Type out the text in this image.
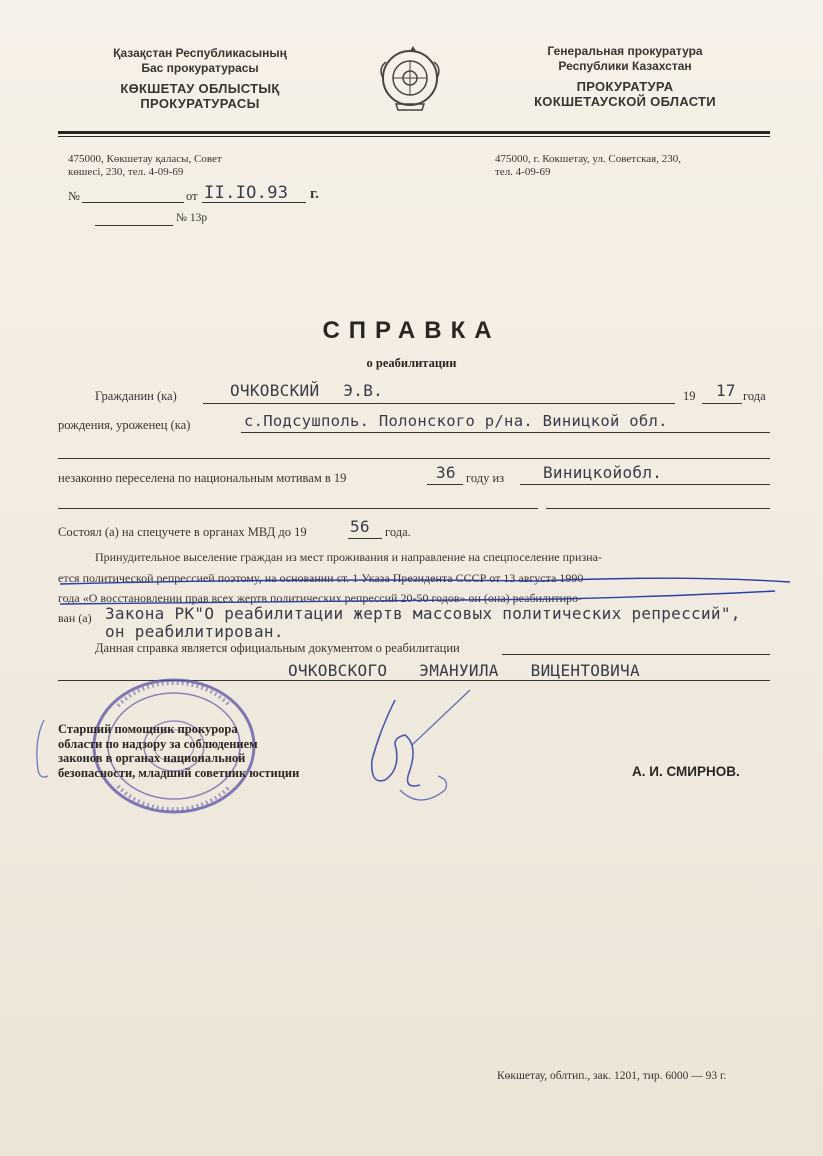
Қазақстан Республикасының
Бас прокуратурасы
КӨКШЕТАУ ОБЛЫСТЫҚ
ПРОКУРАТУРАСЫ
Генеральная прокуратура
Республики Казахстан
ПРОКУРАТУРА
КОКШЕТАУСКОЙ ОБЛАСТИ
475000, Көкшетау қаласы, Совет
көшесі, 230, тел. 4-09-69
475000, г. Кокшетау, ул. Советская, 230,
тел. 4-09-69
№	от II.IO.93 г.
№ 13р
СПРАВКА
о реабилитации
Гражданин (ка)	ОЧКОВСКИЙ Э.В.	19 17 года
рождения, уроженец (ка)	с.Подсушполь. Полонского р/на. Виницкой обл.
незаконно переселена по национальным мотивам в 19	36 году из Виницкойобл.
Состоял (а) на спецучете в органах МВД до 19	56 года.
Принудительное выселение граждан из мест проживания и направление на спецпоселение призна-
ется политической репрессией поэтому, на основании ст. 1 Указа Президента СССР от 13 августа 1990
года «О восстановлении прав всех жертв политических репрессий 20-50 годов» он (она) реабилитиро-
ван (а) Закона РК"О реабилитации жертв массовых политических репрессий",
он реабилитирован.
Данная справка является официальным документом о реабилитации
ОЧКОВСКОГО ЭМАНУИЛА ВИЦЕНТОВИЧА
Старший помощник прокурора
области по надзору за соблюдением
законов в органах национальной
безопасности, младший советник юстиции	А. И. СМИРНОВ.
Көкшетау, облтип., зак. 1201, тир. 6000 — 93 г.
